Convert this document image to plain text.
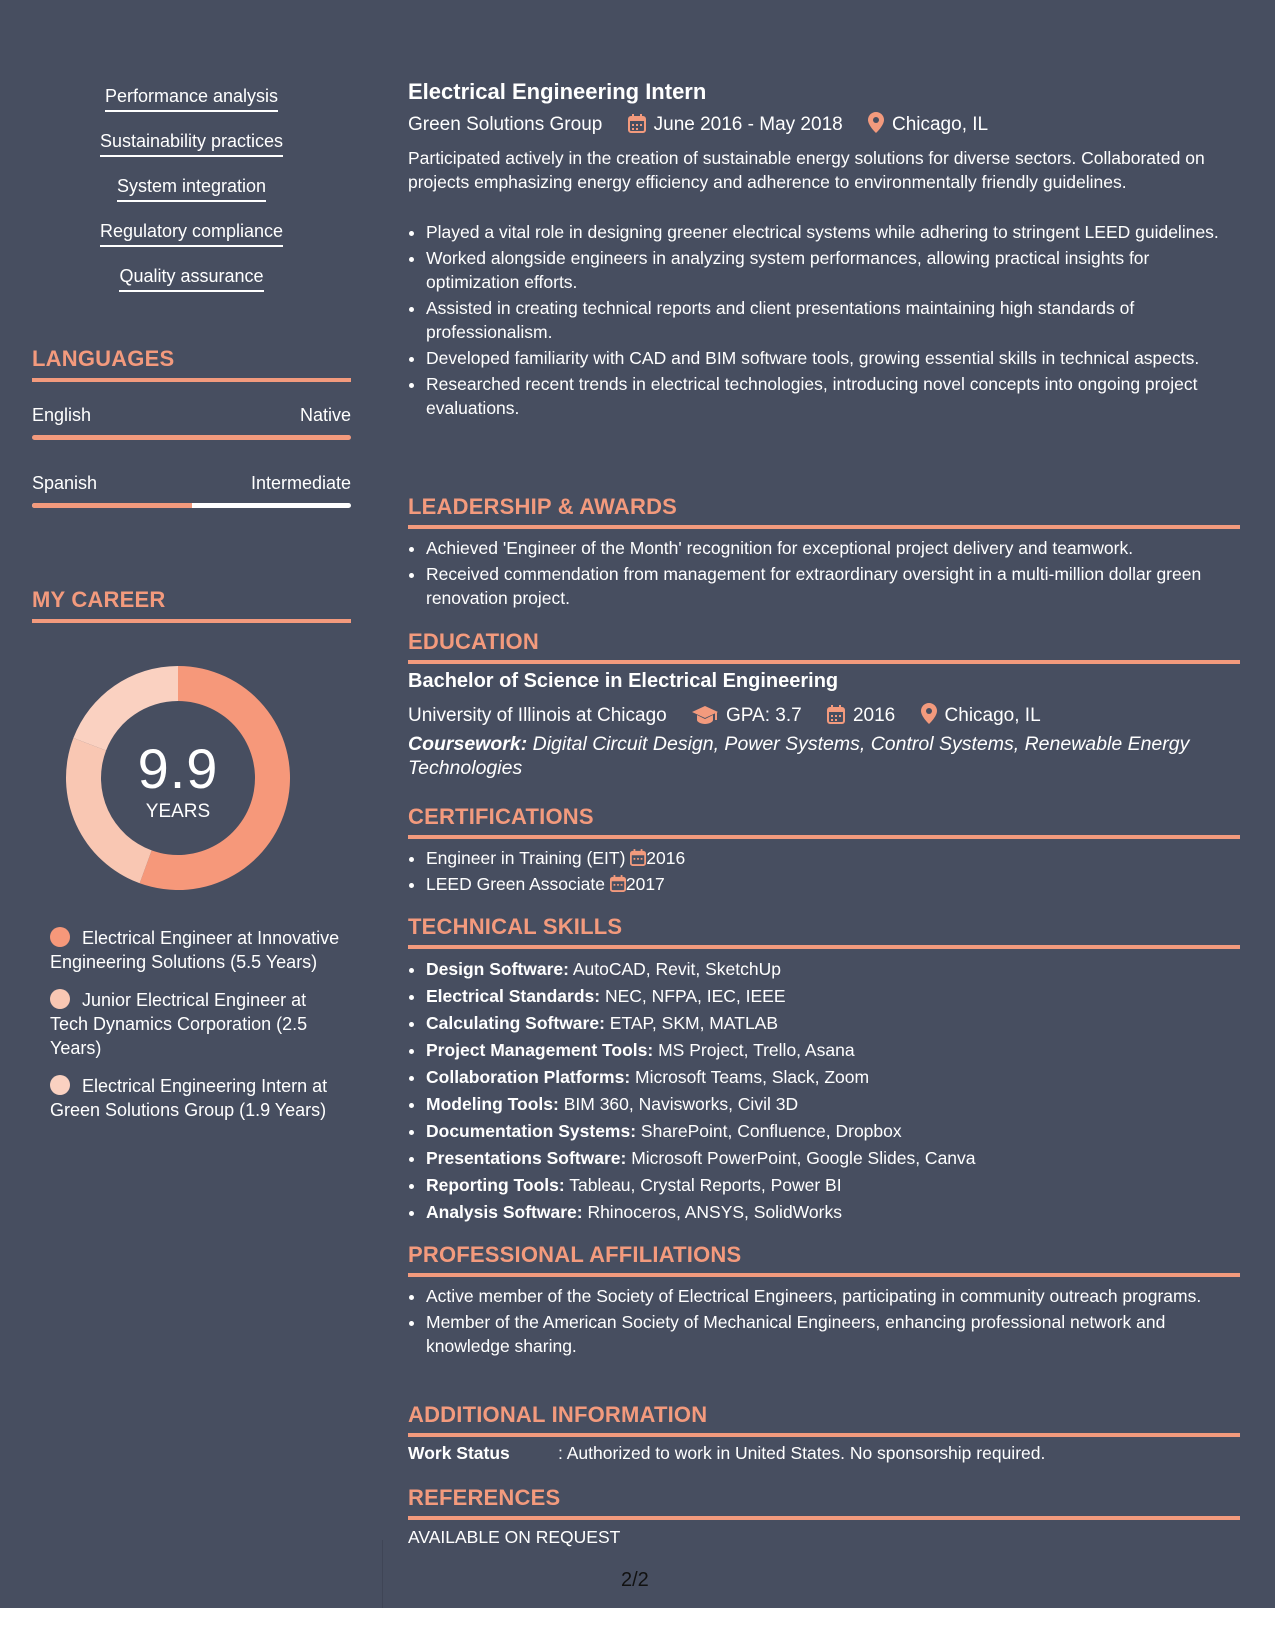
Performance analysis
Sustainability practices
System integration
Regulatory compliance
Quality assurance
LANGUAGES
English	Native
Spanish	Intermediate
MY CAREER
9.9
YEARS
Electrical Engineer at Innovative Engineering Solutions (5.5 Years)
Junior Electrical Engineer at Tech Dynamics Corporation (2.5 Years)
Electrical Engineering Intern at Green Solutions Group (1.9 Years)
Electrical Engineering Intern
Green Solutions Group	June 2016 - May 2018	Chicago, IL

Participated actively in the creation of sustainable energy solutions for diverse sectors. Collaborated on projects emphasizing energy efficiency and adherence to environmentally friendly guidelines.

• Played a vital role in designing greener electrical systems while adhering to stringent LEED guidelines.
• Worked alongside engineers in analyzing system performances, allowing practical insights for optimization efforts.
• Assisted in creating technical reports and client presentations maintaining high standards of professionalism.
• Developed familiarity with CAD and BIM software tools, growing essential skills in technical aspects.
• Researched recent trends in electrical technologies, introducing novel concepts into ongoing project evaluations.
LEADERSHIP & AWARDS
• Achieved 'Engineer of the Month' recognition for exceptional project delivery and teamwork.
• Received commendation from management for extraordinary oversight in a multi-million dollar green renovation project.
EDUCATION
Bachelor of Science in Electrical Engineering
University of Illinois at Chicago	GPA: 3.7	2016	Chicago, IL
Coursework: Digital Circuit Design, Power Systems, Control Systems, Renewable Energy Technologies
CERTIFICATIONS
• Engineer in Training (EIT) 2016
• LEED Green Associate 2017
TECHNICAL SKILLS
• Design Software: AutoCAD, Revit, SketchUp
• Electrical Standards: NEC, NFPA, IEC, IEEE
• Calculating Software: ETAP, SKM, MATLAB
• Project Management Tools: MS Project, Trello, Asana
• Collaboration Platforms: Microsoft Teams, Slack, Zoom
• Modeling Tools: BIM 360, Navisworks, Civil 3D
• Documentation Systems: SharePoint, Confluence, Dropbox
• Presentations Software: Microsoft PowerPoint, Google Slides, Canva
• Reporting Tools: Tableau, Crystal Reports, Power BI
• Analysis Software: Rhinoceros, ANSYS, SolidWorks
PROFESSIONAL AFFILIATIONS
• Active member of the Society of Electrical Engineers, participating in community outreach programs.
• Member of the American Society of Mechanical Engineers, enhancing professional network and knowledge sharing.
ADDITIONAL INFORMATION
Work Status	: Authorized to work in United States. No sponsorship required.
REFERENCES
AVAILABLE ON REQUEST
2/2
